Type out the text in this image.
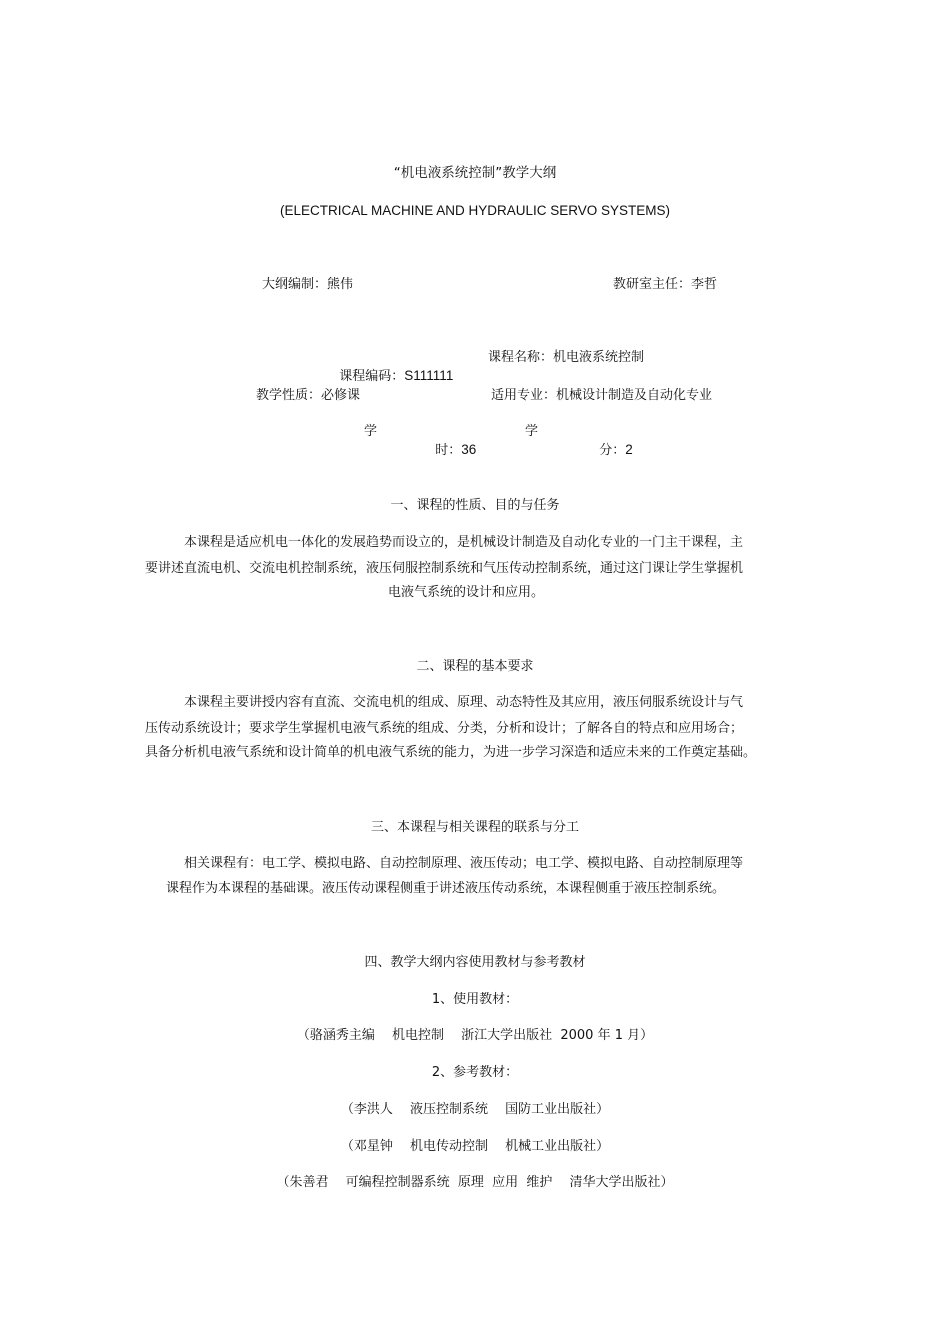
“机电液系统控制”教学大纲
(ELECTRICAL MACHINE AND HYDRAULIC SERVO SYSTEMS)
大纲编制：熊伟	教研室主任：李哲

课程编码：S111111

课程名称：机电液系统控制
教学性质：必修课	适用专业：机械设计制造及自动化专业
学

时：36

学

分：2

一、课程的性质、目的与任务
本课程是适应机电一体化的发展趋势而设立的，是机械设计制造及自动化专业的一门主干课程，主
要讲述直流电机、交流电机控制系统，液压伺服控制系统和气压传动控制系统，通过这门课让学生掌握机
电液气系统的设计和应用。
二、课程的基本要求
本课程主要讲授内容有直流、交流电机的组成、原理、动态特性及其应用，液压伺服系统设计与气
压传动系统设计；要求学生掌握机电液气系统的组成、分类，分析和设计；了解各自的特点和应用场合；
具备分析机电液气系统和设计简单的机电液气系统的能力，为进一步学习深造和适应未来的工作奠定基础。
三、本课程与相关课程的联系与分工
相关课程有：电工学、模拟电路、自动控制原理、液压传动；电工学、模拟电路、自动控制原理等
课程作为本课程的基础课。液压传动课程侧重于讲述液压传动系统，本课程侧重于液压控制系统。
四、教学大纲内容使用教材与参考教材
1、使用教材：
（骆涵秀主编　 机电控制　 浙江大学出版社  2000 年 1 月）
2、参考教材：
（李洪人　 液压控制系统　 国防工业出版社）
（邓星钟　 机电传动控制　 机械工业出版社）
（朱善君　 可编程控制器系统  原理  应用  维护　 清华大学出版社）
